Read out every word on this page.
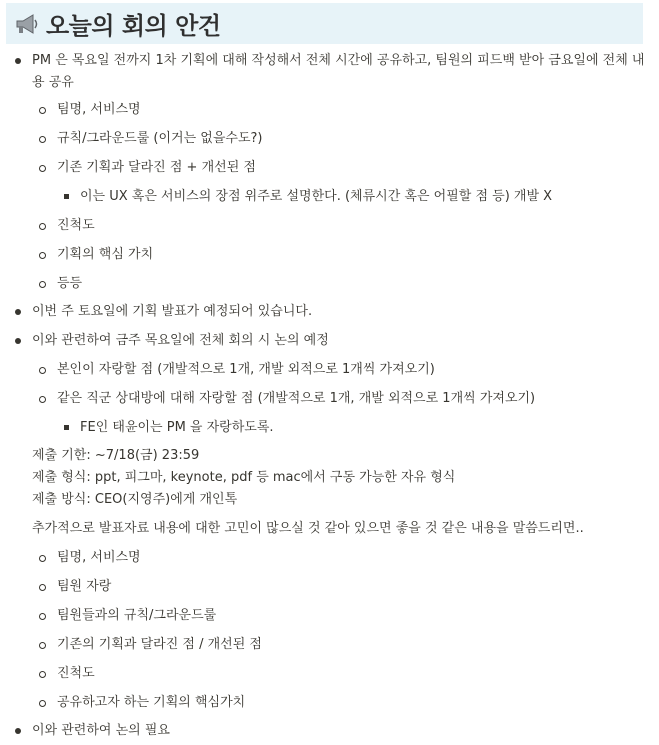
오늘의 회의 안건
PM 은 목요일 전까지 1차 기획에 대해 작성해서 전체 시간에 공유하고, 팀원의 피드백 받아 금요일에 전체 내
용 공유
팀명, 서비스명
규칙/그라운드룰 (이거는 없을수도?)
기존 기획과 달라진 점 + 개선된 점
이는 UX 혹은 서비스의 장점 위주로 설명한다. (체류시간 혹은 어필할 점 등) 개발 X
진척도
기획의 핵심 가치
등등
이번 주 토요일에 기획 발표가 예정되어 있습니다.
이와 관련하여 금주 목요일에 전체 회의 시 논의 예정
본인이 자랑할 점 (개발적으로 1개, 개발 외적으로 1개씩 가져오기)
같은 직군 상대방에 대해 자랑할 점 (개발적으로 1개, 개발 외적으로 1개씩 가져오기)
FE인 태윤이는 PM 을 자랑하도록.
제출 기한: ~7/18(금) 23:59
제출 형식: ppt, 피그마, keynote, pdf 등 mac에서 구동 가능한 자유 형식
제출 방식: CEO(지영주)에게 개인톡
추가적으로 발표자료 내용에 대한 고민이 많으실 것 같아 있으면 좋을 것 같은 내용을 말씀드리면..
팀명, 서비스명
팀원 자랑
팀원들과의 규칙/그라운드룰
기존의 기획과 달라진 점 / 개선된 점
진척도
공유하고자 하는 기획의 핵심가치
이와 관련하여 논의 필요
